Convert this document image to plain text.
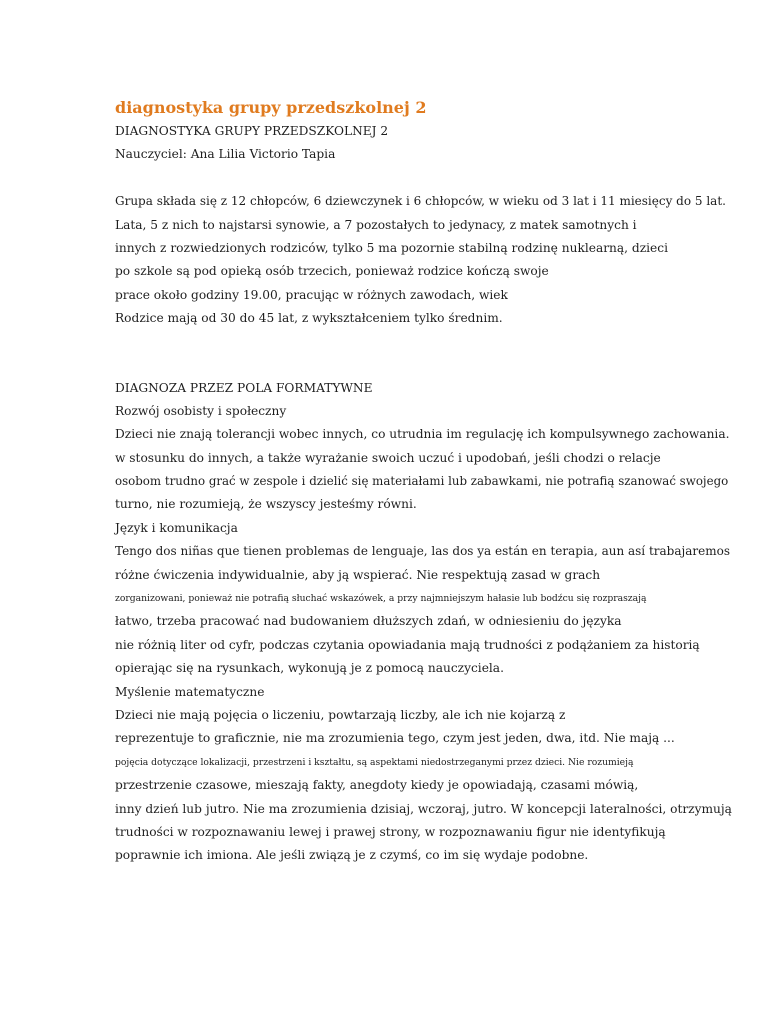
diagnostyka grupy przedszkolnej 2
DIAGNOSTYKA GRUPY PRZEDSZKOLNEJ 2
Nauczyciel: Ana Lilia Victorio Tapia
Grupa składa się z 12 chłopców, 6 dziewczynek i 6 chłopców, w wieku od 3 lat i 11 miesięcy do 5 lat.
Lata, 5 z nich to najstarsi synowie, a 7 pozostałych to jedynacy, z matek samotnych i
innych z rozwiedzionych rodziców, tylko 5 ma pozornie stabilną rodzinę nuklearną, dzieci
po szkole są pod opieką osób trzecich, ponieważ rodzice kończą swoje
prace około godziny 19.00, pracując w różnych zawodach, wiek
Rodzice mają od 30 do 45 lat, z wykształceniem tylko średnim.
DIAGNOZA PRZEZ POLA FORMATYWNE
Rozwój osobisty i społeczny
Dzieci nie znają tolerancji wobec innych, co utrudnia im regulację ich kompulsywnego zachowania.
w stosunku do innych, a także wyrażanie swoich uczuć i upodobań, jeśli chodzi o relacje
osobom trudno grać w zespole i dzielić się materiałami lub zabawkami, nie potrafią szanować swojego
turno, nie rozumieją, że wszyscy jesteśmy równi.
Język i komunikacja
Tengo dos niñas que tienen problemas de lenguaje, las dos ya están en terapia, aun así trabajaremos
różne ćwiczenia indywidualnie, aby ją wspierać. Nie respektują zasad w grach
zorganizowani, ponieważ nie potrafią słuchać wskazówek, a przy najmniejszym hałasie lub bodźcu się rozpraszają
łatwo, trzeba pracować nad budowaniem dłuższych zdań, w odniesieniu do języka
nie różnią liter od cyfr, podczas czytania opowiadania mają trudności z podążaniem za historią
opierając się na rysunkach, wykonują je z pomocą nauczyciela.
Myślenie matematyczne
Dzieci nie mają pojęcia o liczeniu, powtarzają liczby, ale ich nie kojarzą z
reprezentuje to graficznie, nie ma zrozumienia tego, czym jest jeden, dwa, itd. Nie mają ...
pojęcia dotyczące lokalizacji, przestrzeni i kształtu, są aspektami niedostrzeganymi przez dzieci. Nie rozumieją
przestrzenie czasowe, mieszają fakty, anegdoty kiedy je opowiadają, czasami mówią,
inny dzień lub jutro. Nie ma zrozumienia dzisiaj, wczoraj, jutro. W koncepcji lateralności, otrzymują
trudności w rozpoznawaniu lewej i prawej strony, w rozpoznawaniu figur nie identyfikują
poprawnie ich imiona. Ale jeśli związą je z czymś, co im się wydaje podobne.
